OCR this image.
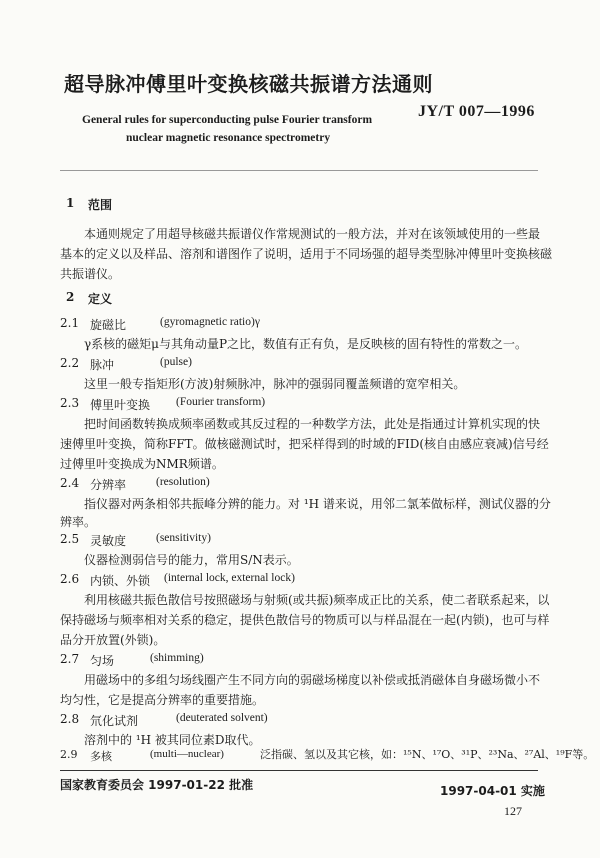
超导脉冲傅里叶变换核磁共振谱方法通则
JY/T 007—1996
General rules for superconducting pulse Fourier transform
nuclear magnetic resonance spectrometry
1 范围
本通则规定了用超导核磁共振谱仪作常规测试的一般方法，并对在该领域使用的一些最
基本的定义以及样品、溶剂和谱图作了说明，适用于不同场强的超导类型脉冲傅里叶变换核磁
共振谱仪。
2 定义
2.1 旋磁比	(gyromagnetic ratio)γ
γ系核的磁矩μ与其角动量P之比，数值有正有负，是反映核的固有特性的常数之一。
2.2 脉冲	(pulse)
这里一般专指矩形(方波)射频脉冲，脉冲的强弱同覆盖频谱的宽窄相关。
2.3 傅里叶变换 (Fourier transform)
把时间函数转换成频率函数或其反过程的一种数学方法，此处是指通过计算机实现的快
速傅里叶变换，简称FFT。做核磁测试时，把采样得到的时域的FID(核自由感应衰减)信号经
过傅里叶变换成为NMR频谱。
2.4 分辨率	(resolution)
指仪器对两条相邻共振峰分辨的能力。对 ¹H 谱来说，用邻二氯苯做标样，测试仪器的分
辨率。
2.5 灵敏度	(sensitivity)
仪器检测弱信号的能力，常用S/N表示。
2.6 内锁、外锁 (internal lock, external lock)
利用核磁共振色散信号按照磁场与射频(或共振)频率成正比的关系，使二者联系起来，以
保持磁场与频率相对关系的稳定，提供色散信号的物质可以与样品混在一起(内锁)，也可与样
品分开放置(外锁)。
2.7 匀场	(shimming)
用磁场中的多组匀场线圈产生不同方向的弱磁场梯度以补偿或抵消磁体自身磁场微小不
均匀性，它是提高分辨率的重要措施。
2.8 氘化试剂	(deuterated solvent)
溶剂中的 ¹H 被其同位素D取代。
2.9 多核	(multi—nuclear)	泛指碳、氢以及其它核，如：¹⁵N、¹⁷O、³¹P、²³Na、²⁷Al、¹⁹F等。
国家教育委员会 1997-01-22 批准	1997-04-01 实施
127
